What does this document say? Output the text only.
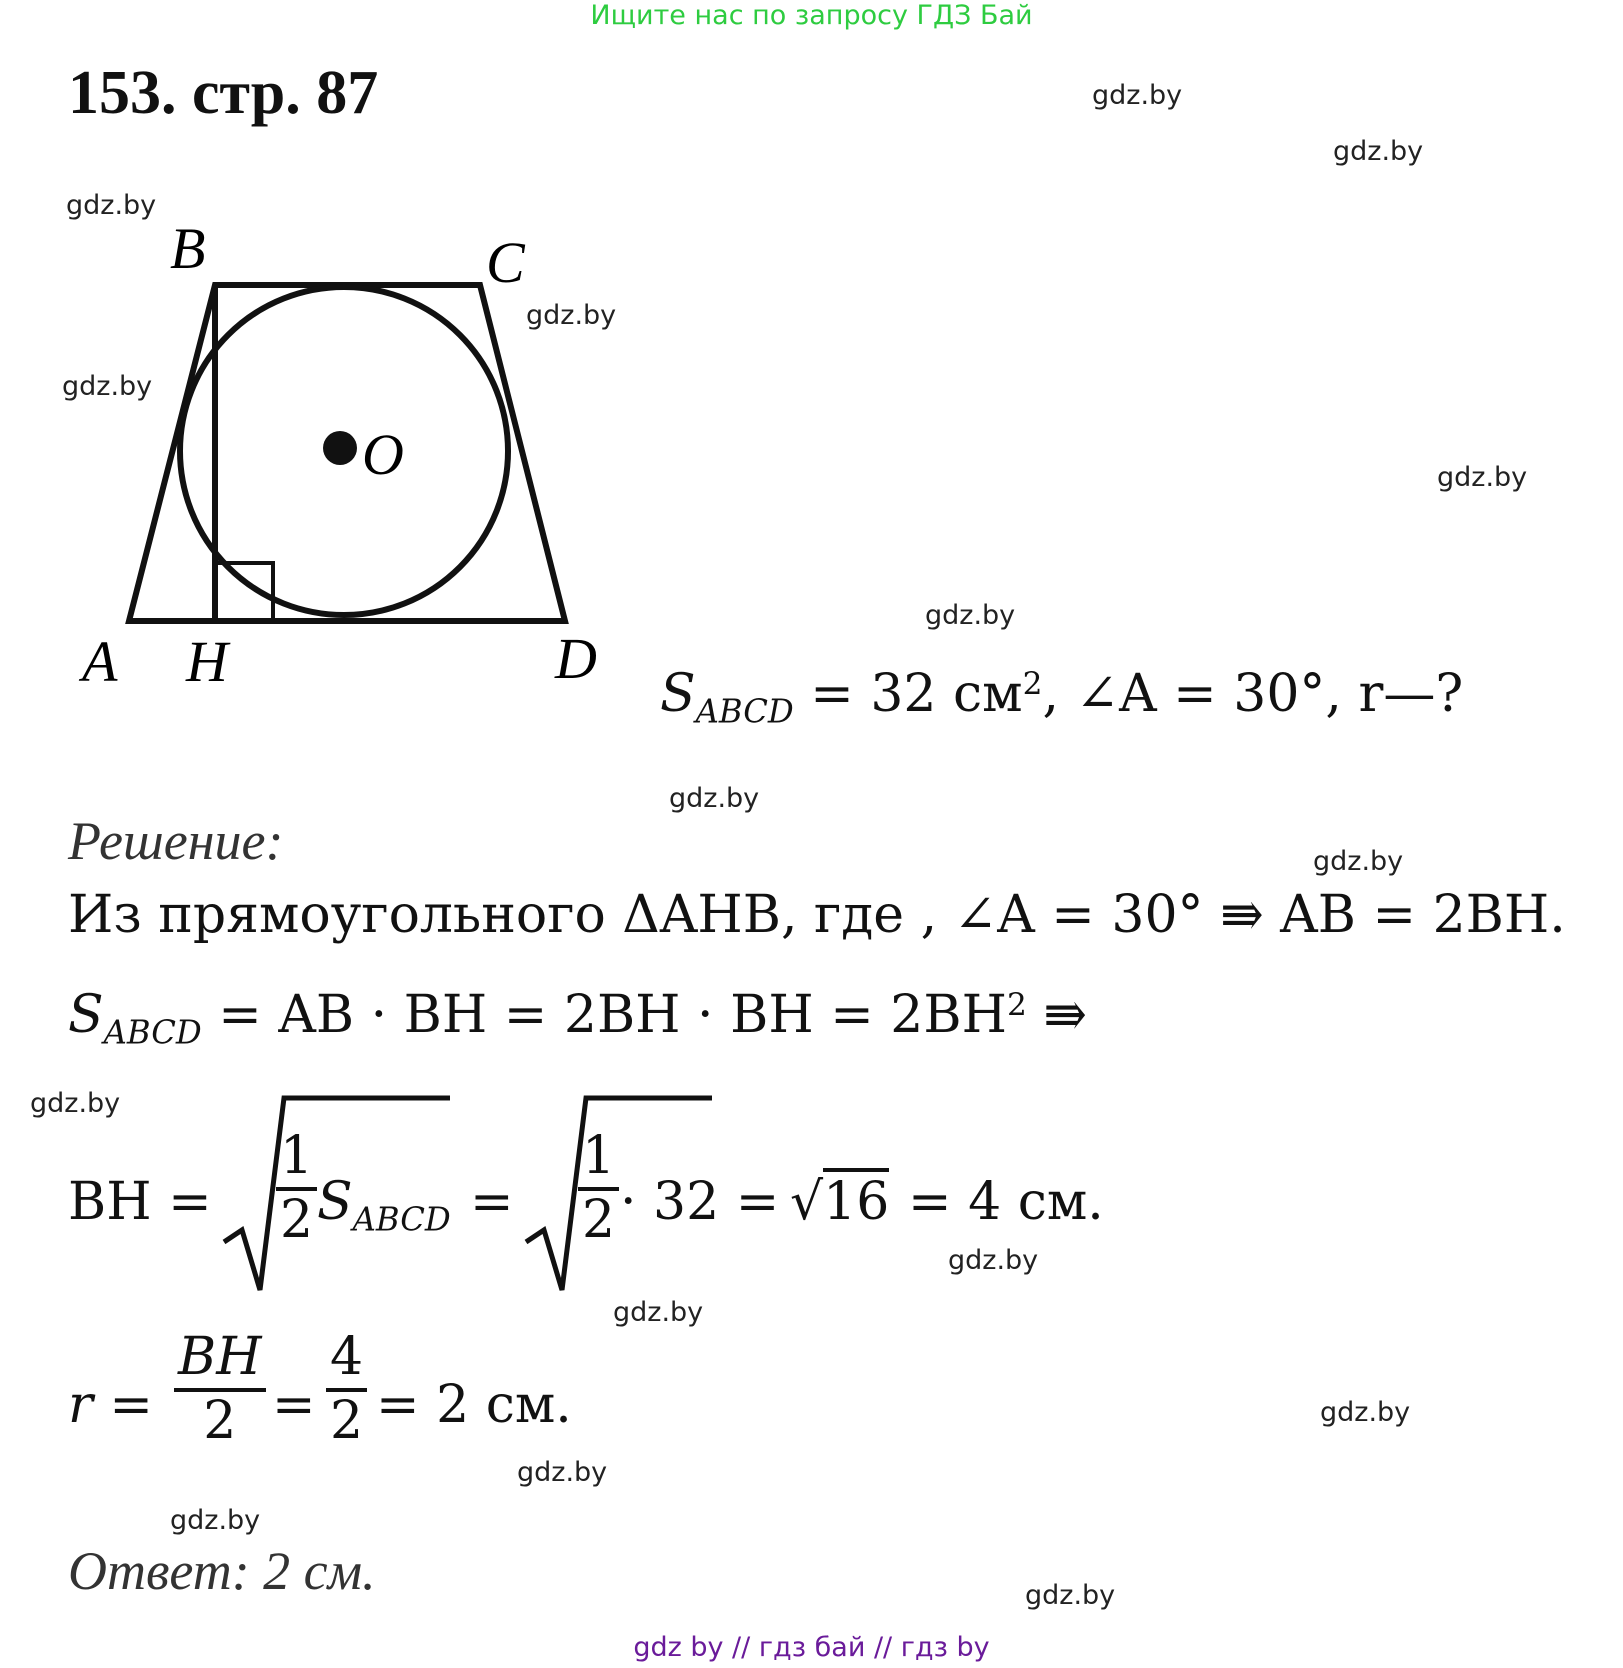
Ищите нас по запросу ГДЗ Бай
153. стр. 87	gdz.by
gdz.by
gdz.by
gdz.by
gdz.by
gdz.by
gdz.by
gdz.by
gdz.by
gdz.by
gdz.by
gdz.by
gdz.by
gdz.by
gdz.by
gdz.by
B	C
A H	D
O
$S_{ABCD} = 32$ $см^2$, ∠A = 30°, r—?
Решение:
Из прямоугольного ΔAHB, где , ∠A = 30° ⇛ AB = 2BH.
$S_{ABCD}$ = AB · BH = 2BH · BH = $2BH^2$ ⇛
BH = $\frac{1}{2} S_{ABCD} = \frac{1}{2} \cdot 32 = √16 = 4$ см.
$r = \frac{BH}{2} = \frac{4}{2} = 2$ см.
Ответ: 2 см.
gdz by // гдз бай // гдз by
